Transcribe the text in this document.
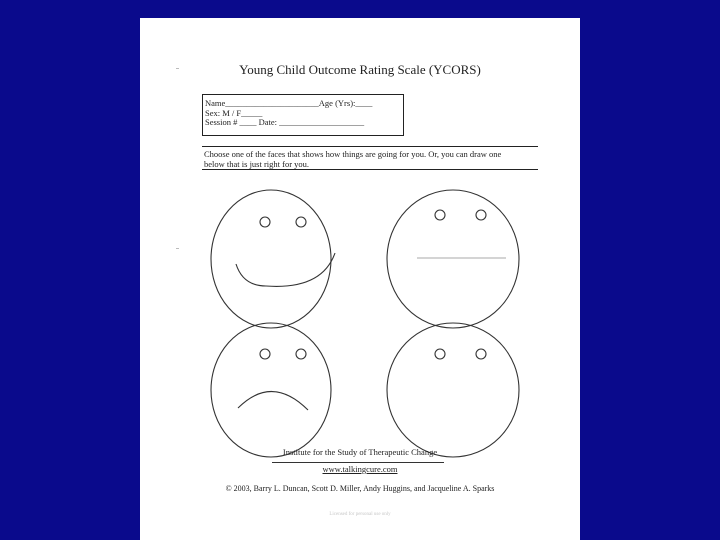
Young Child Outcome Rating Scale (YCORS)
Name______________________Age (Yrs):____
Sex: M / F_____
Session # ____ Date: ____________________
Choose one of the faces that shows how things are going for you. Or, you can draw one
below that is just right for you.
Institute for the Study of Therapeutic Change
www.talkingcure.com
© 2003, Barry L. Duncan, Scott D. Miller, Andy Huggins, and Jacqueline A. Sparks
Licensed for personal use only
